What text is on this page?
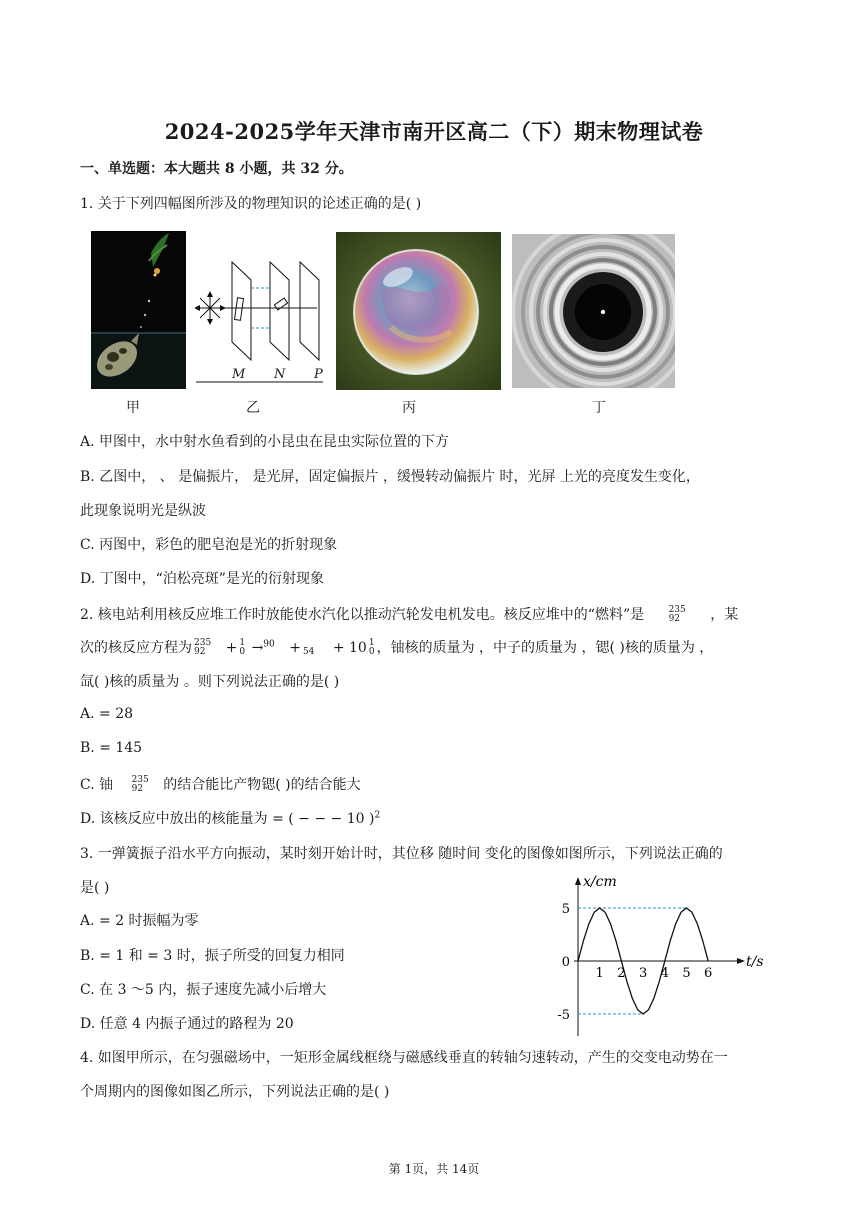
2024-2025学年天津市南开区高二（下）期末物理试卷
一、单选题：本大题共 8 小题，共 32 分。
1. 关于下列四幅图所涉及的物理知识的论述正确的是( )
甲
M N P
乙	丙	丁
A. 甲图中，水中射水鱼看到的小昆虫在昆虫实际位置的下方
B. 乙图中， 、 是偏振片， 是光屏，固定偏振片 ，缓慢转动偏振片 时，光屏 上光的亮度发生变化，
此现象说明光是纵波
C. 丙图中，彩色的肥皂泡是光的折射现象
D. 丁图中，“泊松亮斑”是光的衍射现象
2. 核电站利用核反应堆工作时放能使水汽化以推动汽轮发电机发电。核反应堆中的“燃料”是	235
92 ，某
次的核反应方程为 235
92 + 1
0 →$^{90}$ + 54 + 10 1
0 ，铀核的质量为 ，中子的质量为 ，锶( )核的质量为 ，
氙( )核的质量为 。则下列说法正确的是( )
A. = 28
B. = 145
C. 铀 235
92 的结合能比产物锶( )的结合能大
D. 该核反应中放出的核能量为 = ( − − − 10 )$^2$
3. 一弹簧振子沿水平方向振动，某时刻开始计时，其位移 随时间 变化的图像如图所示，下列说法正确的
是( )
A. = 2 时振幅为零
B. = 1 和 = 3 时，振子所受的回复力相同
C. 在 3 ～5 内，振子速度先减小后增大
D. 任意 4 内振子通过的路程为 20
1 2 3 4 5 6
5
0
-5
x/cm
t/s
4. 如图甲所示，在匀强磁场中，一矩形金属线框绕与磁感线垂直的转轴匀速转动，产生的交变电动势在一
个周期内的图像如图乙所示，下列说法正确的是( )
第 1页，共 14页
